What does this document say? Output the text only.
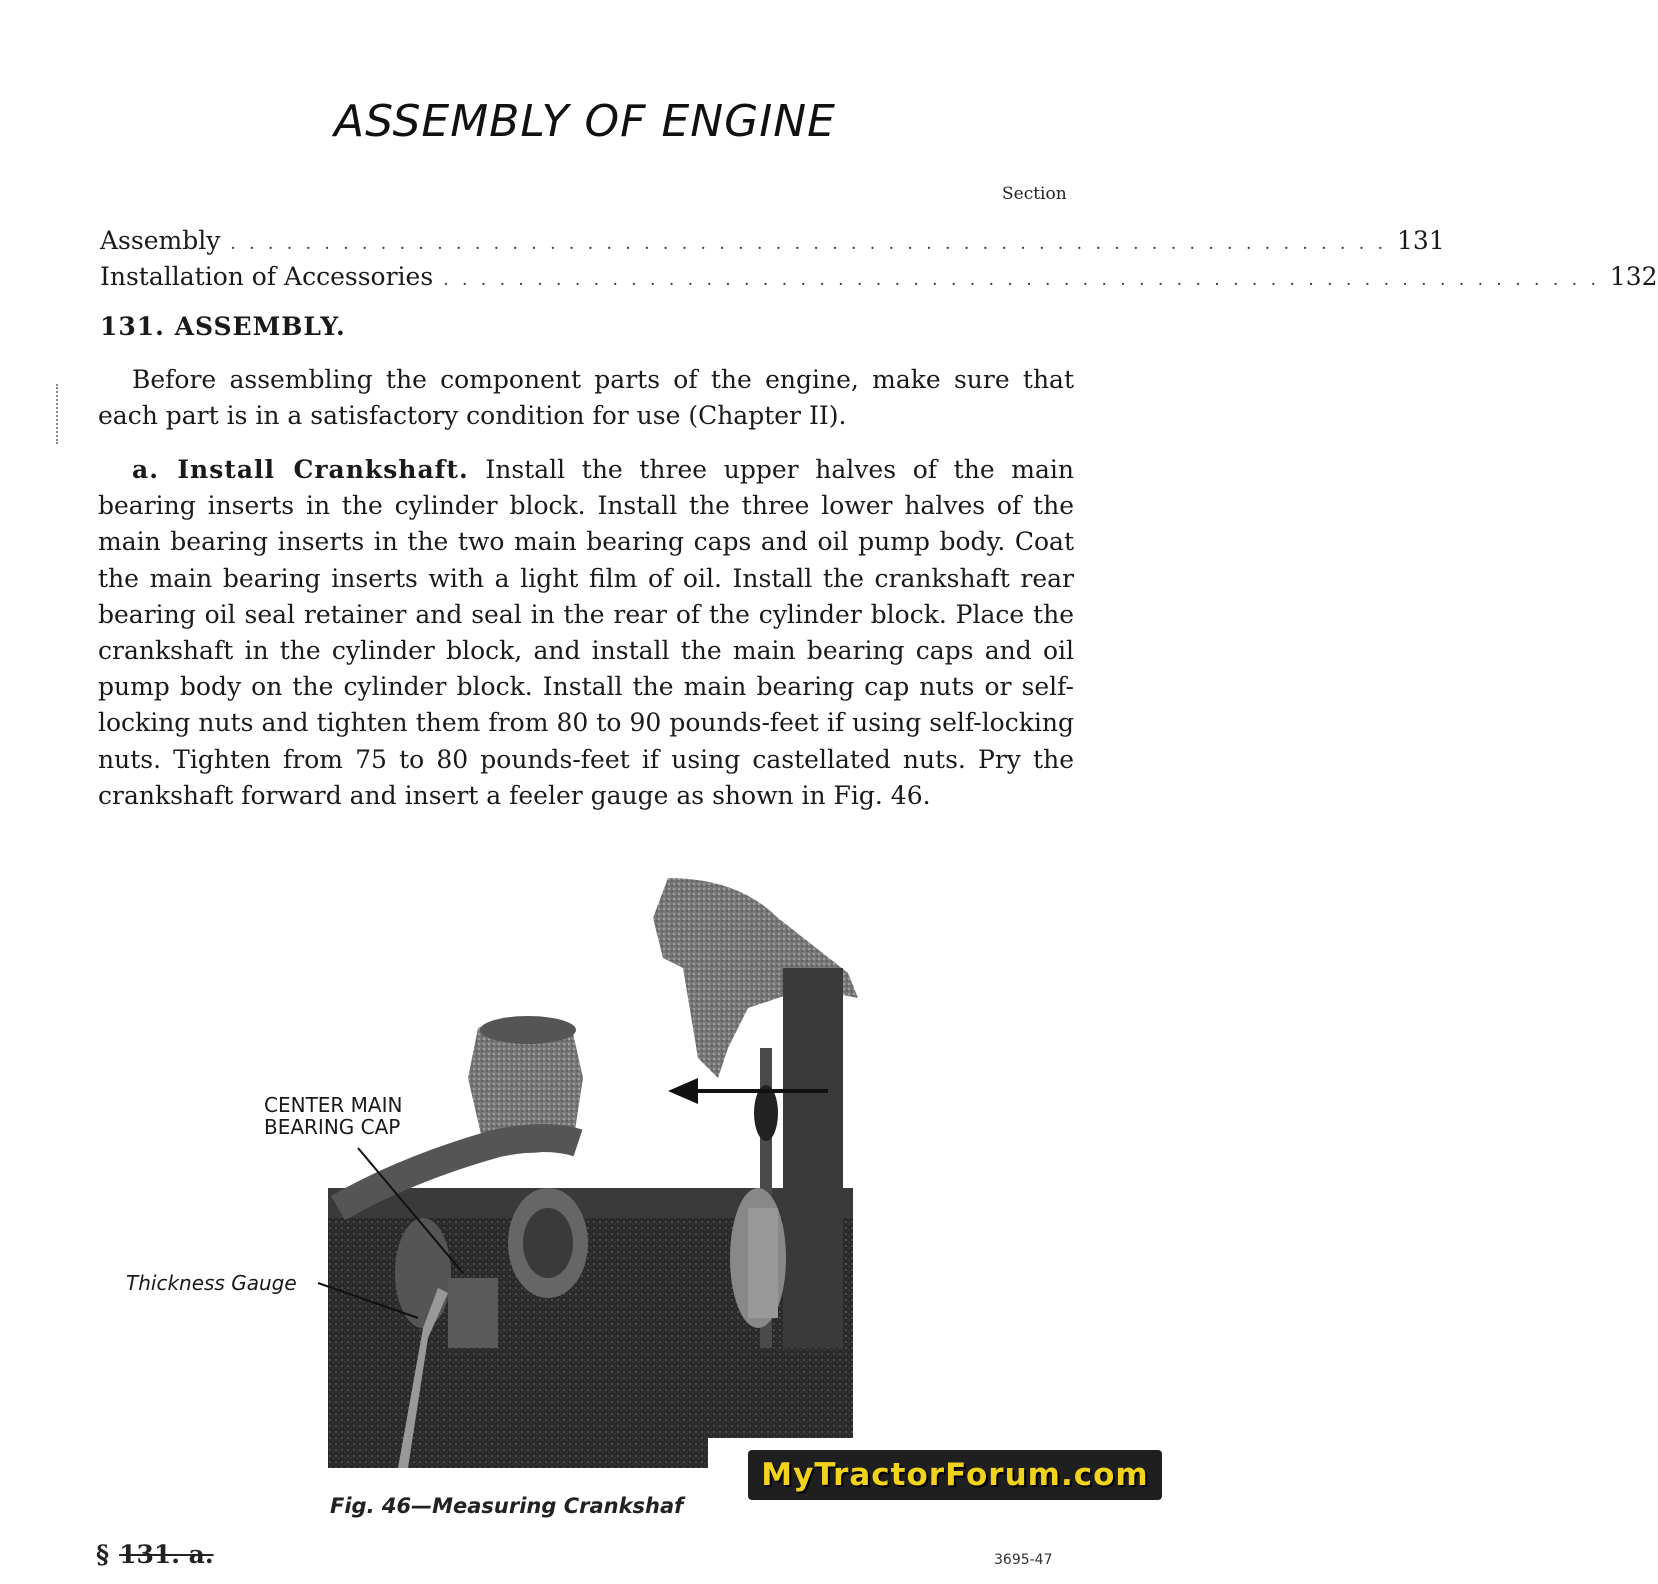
ASSEMBLY OF ENGINE
Section
Assembly . . . . . . . . . . . . . . . . . . . . . . . . . . . . . . . . . . . . . . . . . . . . . . . . . . . . . . . . . . . . . . 131
Installation of Accessories . . . . . . . . . . . . . . . . . . . . . . . . . . . . . . . . . . . . . . . . . . . . . . . . . . . . . . . . . . . . . . 132
131. ASSEMBLY.

Before assembling the component parts of the engine, make sure that each part is in a satisfactory condition for use (Chapter II).

a. Install Crankshaft. Install the three upper halves of the main bearing inserts in the cylinder block. Install the three lower halves of the main bearing inserts in the two main bearing caps and oil pump body. Coat the main bearing inserts with a light film of oil. Install the crankshaft rear bearing oil seal retainer and seal in the rear of the cylinder block. Place the crankshaft in the cylinder block, and install the main bearing caps and oil pump body on the cylinder block. Install the main bearing cap nuts or self-locking nuts and tighten them from 80 to 90 pounds-feet if using self-locking nuts. Tighten from 75 to 80 pounds-feet if using castellated nuts. Pry the crankshaft forward and insert a feeler gauge as shown in Fig. 46.

CENTER MAIN
BEARING CAP
Thickness Gauge
MyTractorForum.com
Fig. 46—Measuring Crankshaf
§ 131. a.	3695-47
